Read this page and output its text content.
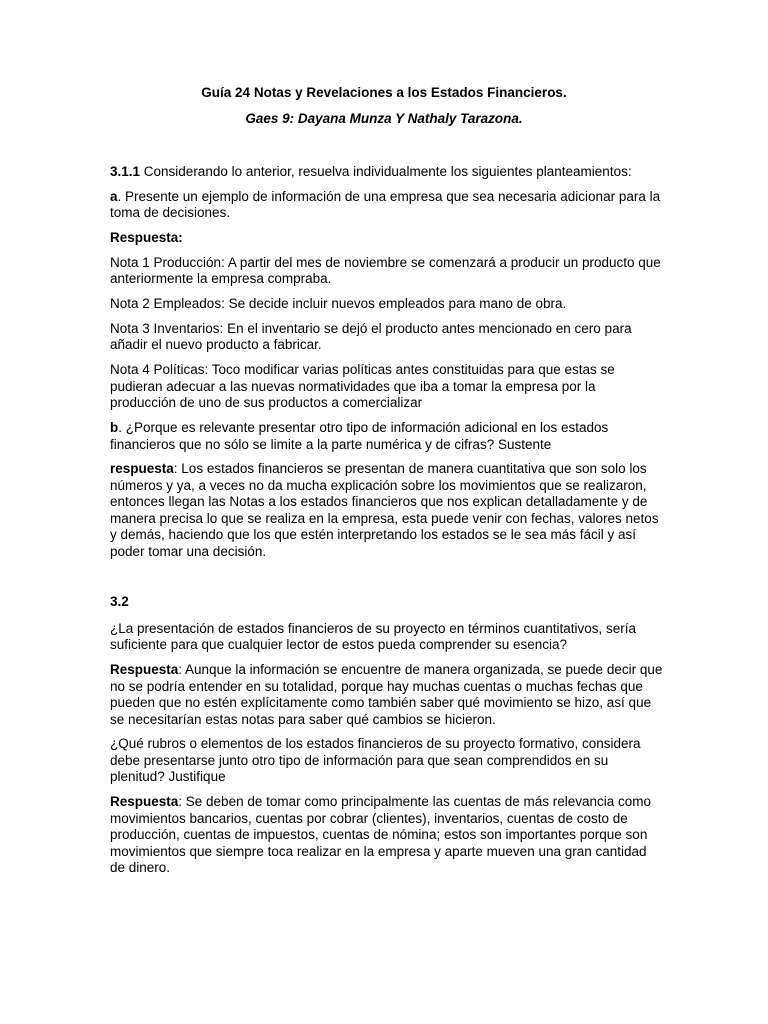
Guía 24 Notas y Revelaciones a los Estados Financieros.
Gaes 9: Dayana Munza Y Nathaly Tarazona.

3.1.1 Considerando lo anterior, resuelva individualmente los siguientes planteamientos:

a. Presente un ejemplo de información de una empresa que sea necesaria adicionar para la toma de decisiones.

Respuesta:

Nota 1 Producción: A partir del mes de noviembre se comenzará a producir un producto que anteriormente la empresa compraba.

Nota 2 Empleados: Se decide incluir nuevos empleados para mano de obra.

Nota 3 Inventarios: En el inventario se dejó el producto antes mencionado en cero para añadir el nuevo producto a fabricar.

Nota 4 Políticas: Toco modificar varias políticas antes constituidas para que estas se pudieran adecuar a las nuevas normatividades que iba a tomar la empresa por la producción de uno de sus productos a comercializar

b. ¿Porque es relevante presentar otro tipo de información adicional en los estados financieros que no sólo se limite a la parte numérica y de cifras? Sustente

respuesta: Los estados financieros se presentan de manera cuantitativa que son solo los números y ya, a veces no da mucha explicación sobre los movimientos que se realizaron, entonces llegan las Notas a los estados financieros que nos explican detalladamente y de manera precisa lo que se realiza en la empresa, esta puede venir con fechas, valores netos y demás, haciendo que los que estén interpretando los estados se le sea más fácil y así poder tomar una decisión.

3.2

¿La presentación de estados financieros de su proyecto en términos cuantitativos, sería suficiente para que cualquier lector de estos pueda comprender su esencia?

Respuesta: Aunque la información se encuentre de manera organizada, se puede decir que no se podría entender en su totalidad, porque hay muchas cuentas o muchas fechas que pueden que no estén explícitamente como también saber qué movimiento se hizo, así que se necesitarían estas notas para saber qué cambios se hicieron.

¿Qué rubros o elementos de los estados financieros de su proyecto formativo, considera debe presentarse junto otro tipo de información para que sean comprendidos en su plenitud? Justifique

Respuesta: Se deben de tomar como principalmente las cuentas de más relevancia como movimientos bancarios, cuentas por cobrar (clientes), inventarios, cuentas de costo de producción, cuentas de impuestos, cuentas de nómina; estos son importantes porque son movimientos que siempre toca realizar en la empresa y aparte mueven una gran cantidad de dinero.
